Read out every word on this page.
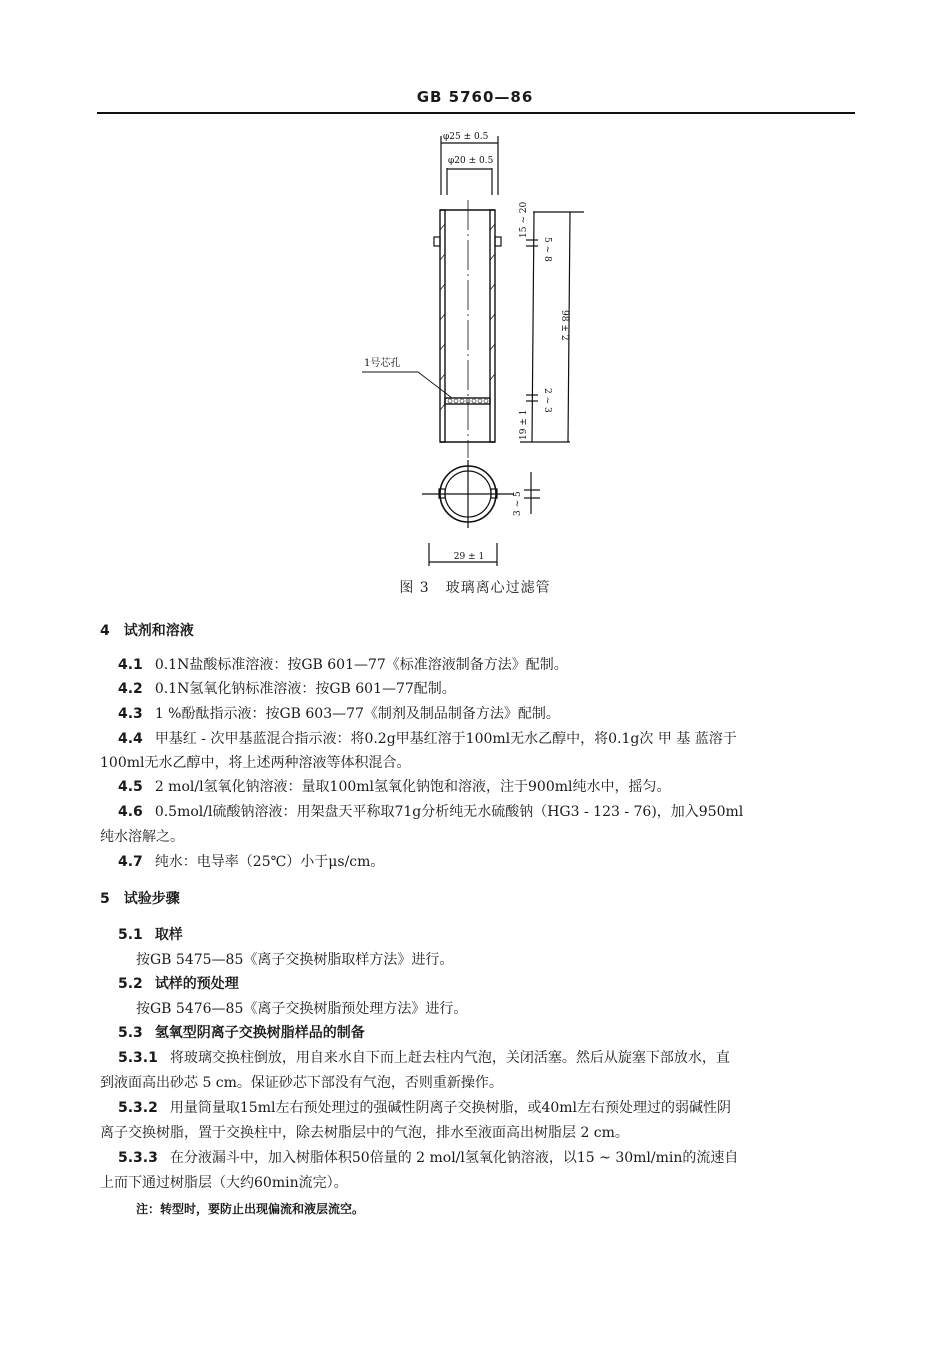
GB 5760—86
φ25 ± 0.5
φ20 ± 0.5
1号芯孔
29 ± 1
15 ~ 20
5 ~ 8
98 ± 2
2 ~ 3
19 ± 1
3 ~ 5
图 3 玻璃离心过滤管
4 试剂和溶液
4.1 0.1N盐酸标准溶液：按GB 601—77《标准溶液制备方法》配制。
4.2 0.1N氢氧化钠标准溶液：按GB 601—77配制。
4.3 1 %酚酞指示液：按GB 603—77《制剂及制品制备方法》配制。
4.4 甲基红 - 次甲基蓝混合指示液：将0.2g甲基红溶于100ml无水乙醇中，将0.1g次 甲 基 蓝溶于
100ml无水乙醇中，将上述两种溶液等体积混合。
4.5 2 mol/l氢氧化钠溶液：量取100ml氢氧化钠饱和溶液，注于900ml纯水中，摇匀。
4.6 0.5mol/l硫酸钠溶液：用架盘天平称取71g分析纯无水硫酸钠（HG3 - 123 - 76)，加入950ml
纯水溶解之。
4.7 纯水：电导率（25℃）小于μs/cm。
5 试验步骤
5.1 取样
按GB 5475—85《离子交换树脂取样方法》进行。
5.2 试样的预处理
按GB 5476—85《离子交换树脂预处理方法》进行。
5.3 氢氧型阴离子交换树脂样品的制备
5.3.1 将玻璃交换柱倒放，用自来水自下而上赶去柱内气泡，关闭活塞。然后从旋塞下部放水，直
到液面高出砂芯 5 cm。保证砂芯下部没有气泡，否则重新操作。
5.3.2 用量筒量取15ml左右预处理过的强碱性阴离子交换树脂，或40ml左右预处理过的弱碱性阴
离子交换树脂，置于交换柱中，除去树脂层中的气泡，排水至液面高出树脂层 2 cm。
5.3.3 在分液漏斗中，加入树脂体积50倍量的 2 mol/l氢氧化钠溶液，以15 ~ 30ml/min的流速自
上而下通过树脂层（大约60min流完）。
注：转型时，要防止出现偏流和液层流空。
